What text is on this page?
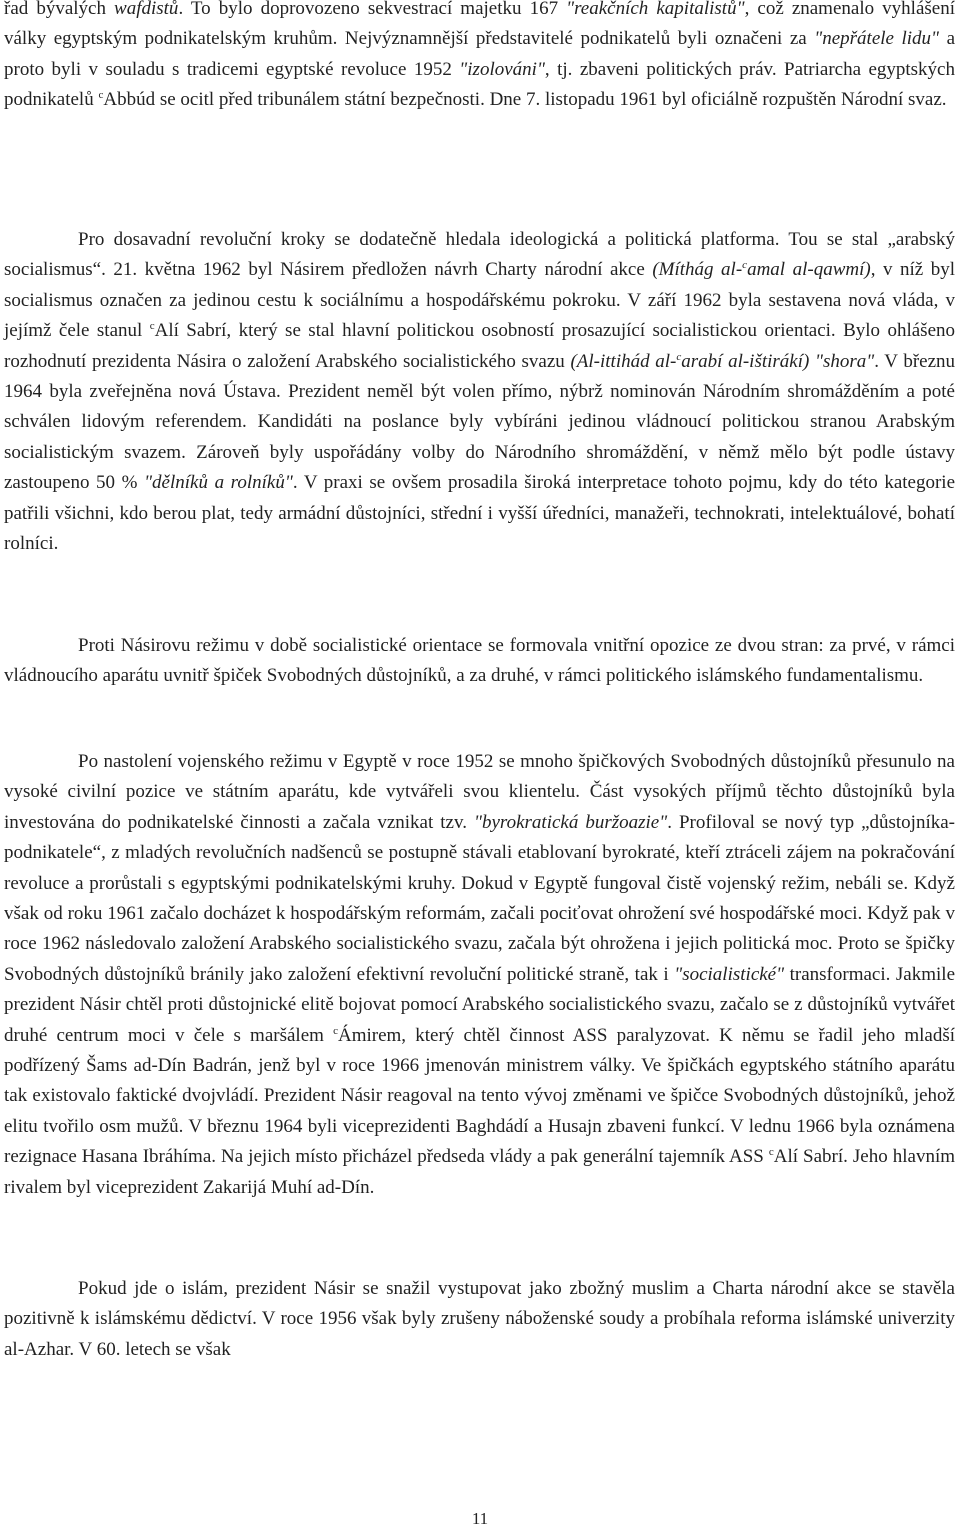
řad bývalých wafdistů. To bylo doprovozeno sekvestrací majetku 167 "reakčních kapitalistů", což znamenalo vyhlášení války egyptským podnikatelským kruhům. Nejvýznamnější představitelé podnikatelů byli označeni za "nepřátele lidu" a proto byli v souladu s tradicemi egyptské revoluce 1952 "izolováni", tj. zbaveni politických práv. Patriarcha egyptských podnikatelů $^c$Abbúd se ocitl před tribunálem státní bezpečnosti. Dne 7. listopadu 1961 byl oficiálně rozpuštěn Národní svaz.

Pro dosavadní revoluční kroky se dodatečně hledala ideologická a politická platforma. Tou se stal „arabský socialismus“. 21. května 1962 byl Násirem předložen návrh Charty národní akce (Míthág al-$^c$amal al-qawmí), v níž byl socialismus označen za jedinou cestu k sociálnímu a hospodářskému pokroku. V září 1962 byla sestavena nová vláda, v jejímž čele stanul $^c$Alí Sabrí, který se stal hlavní politickou osobností prosazující socialistickou orientaci. Bylo ohlášeno rozhodnutí prezidenta Násira o založení Arabského socialistického svazu (Al-ittihád al-$^c$arabí al-ištirákí) "shora". V březnu 1964 byla zveřejněna nová Ústava. Prezident neměl být volen přímo, nýbrž nominován Národním shromážděním a poté schválen lidovým referendem. Kandidáti na poslance byly vybíráni jedinou vládnoucí politickou stranou Arabským socialistickým svazem. Zároveň byly uspořádány volby do Národního shromáždění, v němž mělo být podle ústavy zastoupeno 50 % "dělníků a rolníků". V praxi se ovšem prosadila široká interpretace tohoto pojmu, kdy do této kategorie patřili všichni, kdo berou plat, tedy armádní důstojníci, střední i vyšší úředníci, manažeři, technokrati, intelektuálové, bohatí rolníci.

Proti Násirovu režimu v době socialistické orientace se formovala vnitřní opozice ze dvou stran: za prvé, v rámci vládnoucího aparátu uvnitř špiček Svobodných důstojníků, a za druhé, v rámci politického islámského fundamentalismu.

Po nastolení vojenského režimu v Egyptě v roce 1952 se mnoho špičkových Svobodných důstojníků přesunulo na vysoké civilní pozice ve státním aparátu, kde vytvářeli svou klientelu. Část vysokých příjmů těchto důstojníků byla investována do podnikatelské činnosti a začala vznikat tzv. "byrokratická buržoazie". Profiloval se nový typ „důstojníka-podnikatele“, z mladých revolučních nadšenců se postupně stávali etablovaní byrokraté, kteří ztráceli zájem na pokračování revoluce a prorůstali s egyptskými podnikatelskými kruhy. Dokud v Egyptě fungoval čistě vojenský režim, nebáli se. Když však od roku 1961 začalo docházet k hospodářským reformám, začali pociťovat ohrožení své hospodářské moci. Když pak v roce 1962 následovalo založení Arabského socialistického svazu, začala být ohrožena i jejich politická moc. Proto se špičky Svobodných důstojníků bránily jako založení efektivní revoluční politické straně, tak i "socialistické" transformaci. Jakmile prezident Násir chtěl proti důstojnické elitě bojovat pomocí Arabského socialistického svazu, začalo se z důstojníků vytvářet druhé centrum moci v čele s maršálem $^c$Ámirem, který chtěl činnost ASS paralyzovat. K němu se řadil jeho mladší podřízený Šams ad-Dín Badrán, jenž byl v roce 1966 jmenován ministrem války. Ve špičkách egyptského státního aparátu tak existovalo faktické dvojvládí. Prezident Násir reagoval na tento vývoj změnami ve špičce Svobodných důstojníků, jehož elitu tvořilo osm mužů. V březnu 1964 byli viceprezidenti Baghdádí a Husajn zbaveni funkcí. V lednu 1966 byla oznámena rezignace Hasana Ibráhíma. Na jejich místo přicházel předseda vlády a pak generální tajemník ASS $^c$Alí Sabrí. Jeho hlavním rivalem byl viceprezident Zakarijá Muhí ad-Dín.

Pokud jde o islám, prezident Násir se snažil vystupovat jako zbožný muslim a Charta národní akce se stavěla pozitivně k islámskému dědictví. V roce 1956 však byly zrušeny náboženské soudy a probíhala reforma islámské univerzity al-Azhar. V 60. letech se však

11
